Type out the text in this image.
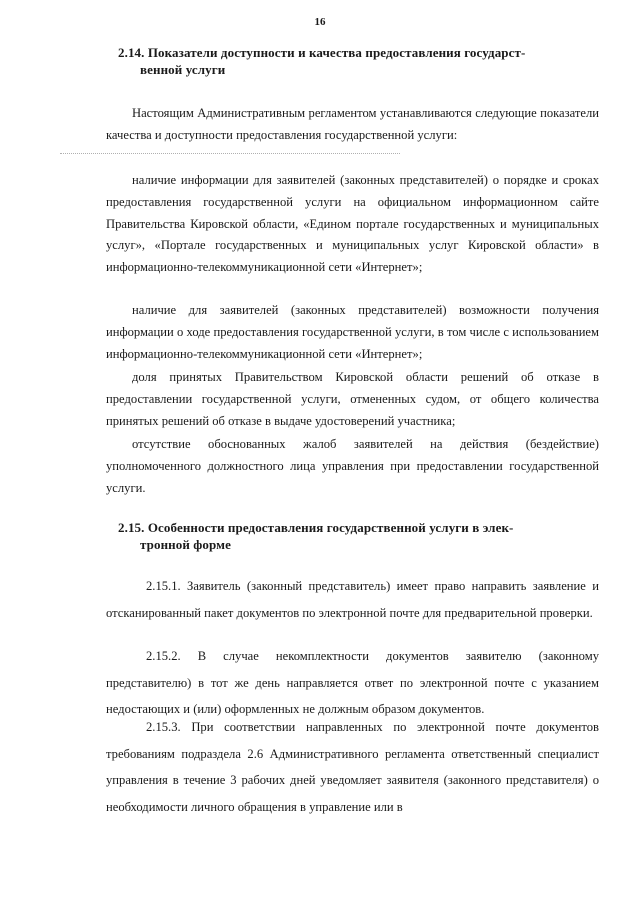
16
2.14. Показатели доступности и качества предоставления государст-
венной услуги

Настоящим Административным регламентом устанавливаются следующие показатели качества и доступности предоставления государственной услуги:

наличие информации для заявителей (законных представителей) о порядке и сроках предоставления государственной услуги на официальном информационном сайте Правительства Кировской области, «Едином портале государственных и муниципальных услуг», «Портале государственных и муниципальных услуг Кировской области» в информационно-телекоммуникационной сети «Интернет»;

наличие для заявителей (законных представителей) возможности получения информации о ходе предоставления государственной услуги, в том числе с использованием информационно-телекоммуникационной сети «Интернет»;

доля принятых Правительством Кировской области решений об отказе в предоставлении государственной услуги, отмененных судом, от общего количества принятых решений об отказе в выдаче удостоверений участника;

отсутствие обоснованных жалоб заявителей на действия (бездействие) уполномоченного должностного лица управления при предоставлении государственной услуги.

2.15. Особенности предоставления государственной услуги в элек-
тронной форме

2.15.1. Заявитель (законный представитель) имеет право направить заявление и отсканированный пакет документов по электронной почте для предварительной проверки.

2.15.2. В случае некомплектности документов заявителю (законному представителю) в тот же день направляется ответ по электронной почте с указанием недостающих и (или) оформленных не должным образом документов.

2.15.3. При соответствии направленных по электронной почте документов требованиям подраздела 2.6 Административного регламента ответственный специалист управления в течение 3 рабочих дней уведомляет заявителя (законного представителя) о необходимости личного обращения в управление или в
